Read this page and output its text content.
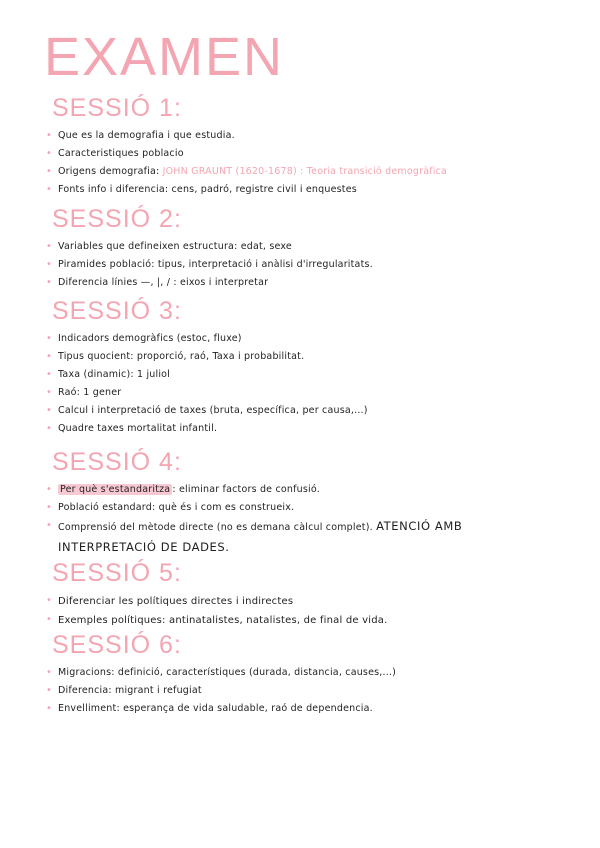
EXAMEN
SESSIÓ 1:
• Que es la demografia i que estudia.
• Caracteristiques poblacio
• Origens demografia: JOHN GRAUNT (1620-1678) : Teoria transició demogràfica
• Fonts info i diferencia: cens, padró, registre civil i enquestes
SESSIÓ 2:
• Variables que defineixen estructura: edat, sexe
• Piramides població: tipus, interpretació i anàlisi d'irregularitats.
• Diferencia línies —, |, / : eixos i interpretar
SESSIÓ 3:
• Indicadors demogràfics (estoc, fluxe)
• Tipus quocient: proporció, raó, Taxa i probabilitat.
• Taxa (dinamic): 1 juliol
• Raó: 1 gener
• Calcul i interpretació de taxes (bruta, específica, per causa,...)
• Quadre taxes mortalitat infantil.
SESSIÓ 4:
• Per què s'estandaritza : eliminar factors de confusió.
• Població estandard: què és i com es construeix.
• Comprensió del mètode directe (no es demana càlcul complet). ATENCIÓ AMB
INTERPRETACIÓ DE DADES.
SESSIÓ 5:
• Diferenciar les polítiques directes i indirectes
• Exemples polítiques: antinatalistes, natalistes, de final de vida.
SESSIÓ 6:
• Migracions: definició, característiques (durada, distancia, causes,...)
• Diferencia: migrant i refugiat
• Envelliment: esperança de vida saludable, raó de dependencia.
